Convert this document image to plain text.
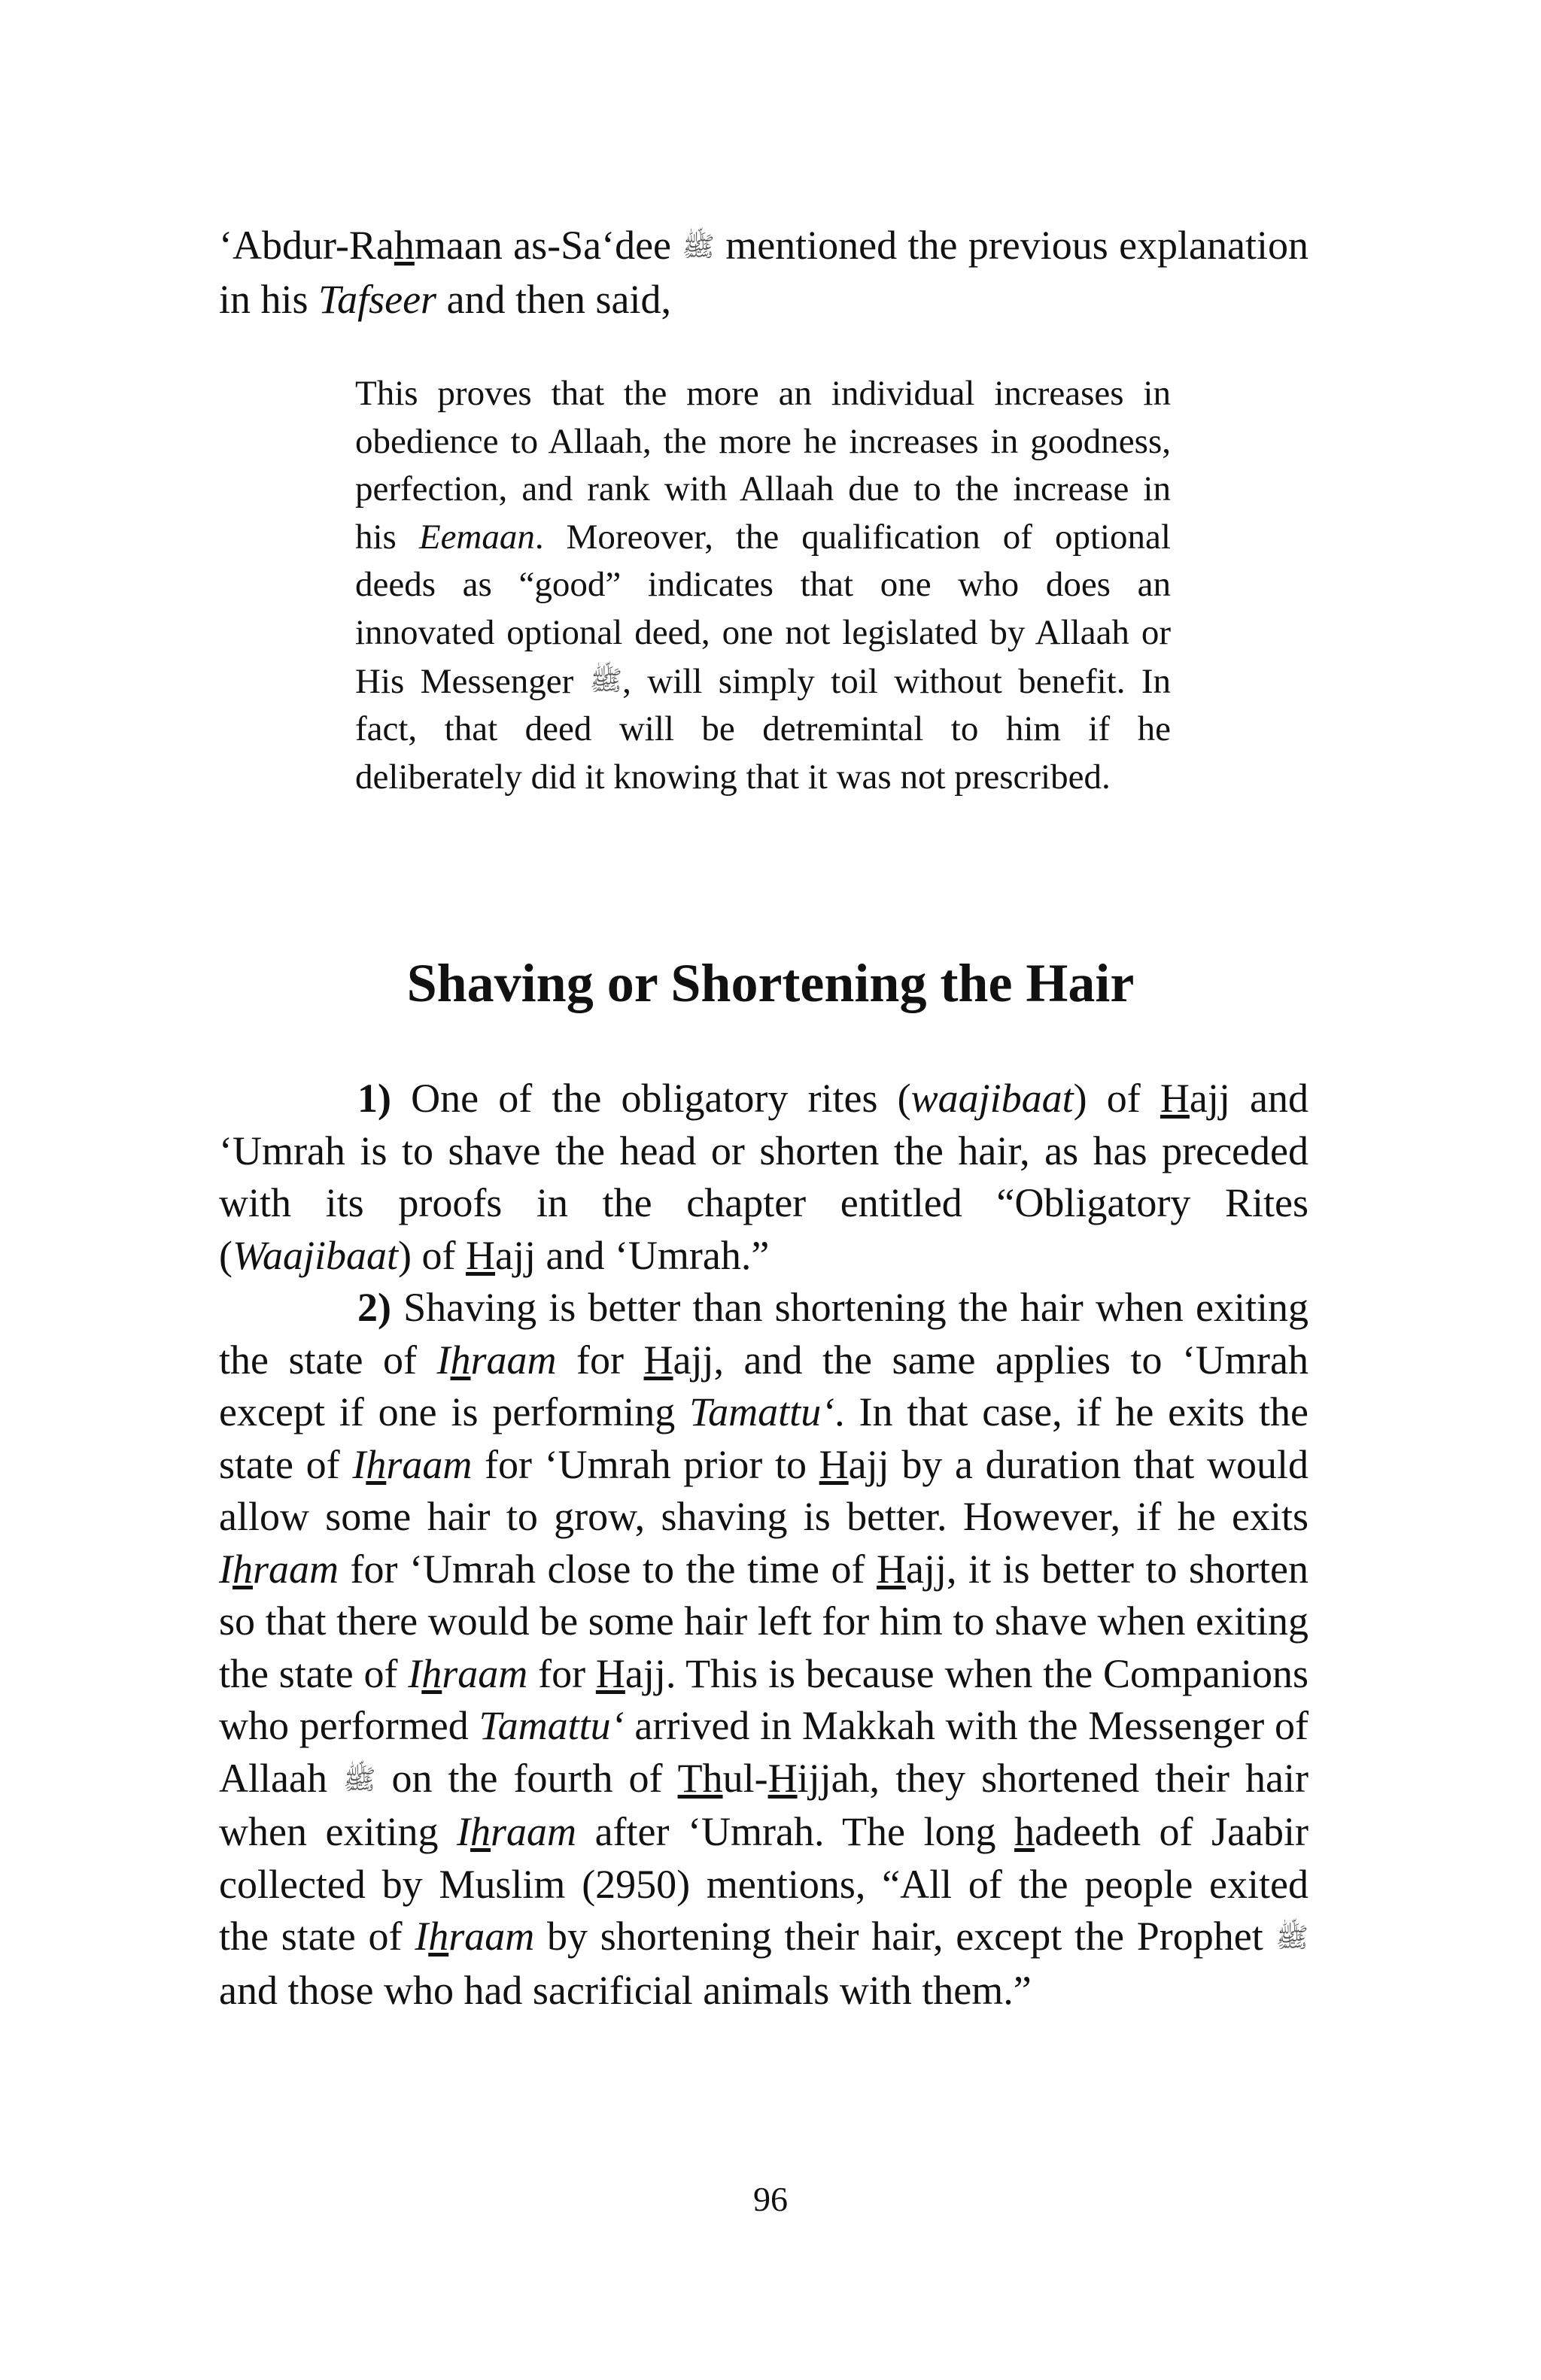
‘Abdur-Rahmaan as-Sa‘dee ﷺ mentioned the previous explanation in his Tafseer and then said,

This proves that the more an individual increases in obedience to Allaah, the more he increases in goodness, perfection, and rank with Allaah due to the increase in his Eemaan. Moreover, the qualification of optional deeds as “good” indicates that one who does an innovated optional deed, one not legislated by Allaah or His Messenger ﷺ, will simply toil without benefit. In fact, that deed will be detremintal to him if he deliberately did it knowing that it was not prescribed.
Shaving or Shortening the Hair

1) One of the obligatory rites (waajibaat) of Hajj and ‘Umrah is to shave the head or shorten the hair, as has preceded with its proofs in the chapter entitled “Obligatory Rites (Waajibaat) of Hajj and ‘Umrah.”

2) Shaving is better than shortening the hair when exiting the state of Ihraam for Hajj, and the same applies to ‘Umrah except if one is performing Tamattu‘. In that case, if he exits the state of Ihraam for ‘Umrah prior to Hajj by a duration that would allow some hair to grow, shaving is better. However, if he exits Ihraam for ‘Umrah close to the time of Hajj, it is better to shorten so that there would be some hair left for him to shave when exiting the state of Ihraam for Hajj. This is because when the Companions who performed Tamattu‘ arrived in Makkah with the Messenger of Allaah ﷺ on the fourth of Thul-Hijjah, they shortened their hair when exiting Ihraam after ‘Umrah. The long hadeeth of Jaabir collected by Muslim (2950) mentions, “All of the people exited the state of Ihraam by shortening their hair, except the Prophet ﷺ and those who had sacrificial animals with them.”

96
